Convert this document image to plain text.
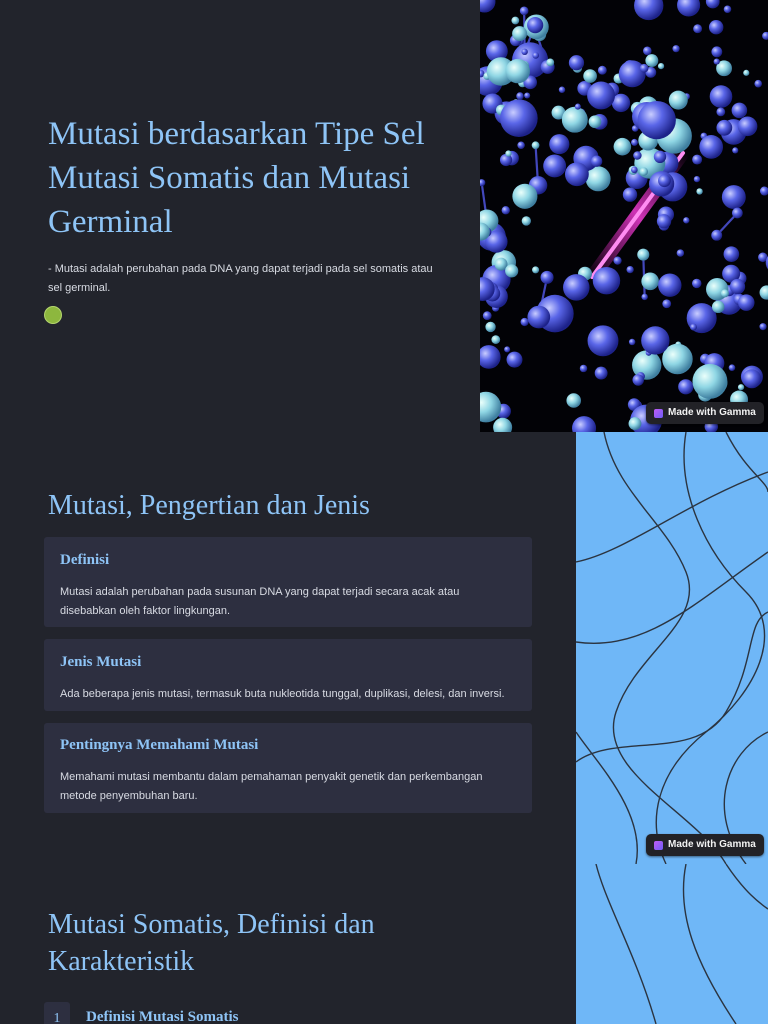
Mutasi berdasarkan Tipe Sel Mutasi Somatis dan Mutasi Germinal
- Mutasi adalah perubahan pada DNA yang dapat terjadi pada sel somatis atau sel germinal.
Made with Gamma
Mutasi, Pengertian dan Jenis
Definisi
Mutasi adalah perubahan pada susunan DNA yang dapat terjadi secara acak atau disebabkan oleh faktor lingkungan.
Jenis Mutasi
Ada beberapa jenis mutasi, termasuk buta nukleotida tunggal, duplikasi, delesi, dan inversi.
Pentingnya Memahami Mutasi
Memahami mutasi membantu dalam pemahaman penyakit genetik dan perkembangan metode penyembuhan baru.
Made with Gamma
Mutasi Somatis, Definisi dan Karakteristik
1	Definisi Mutasi Somatis
